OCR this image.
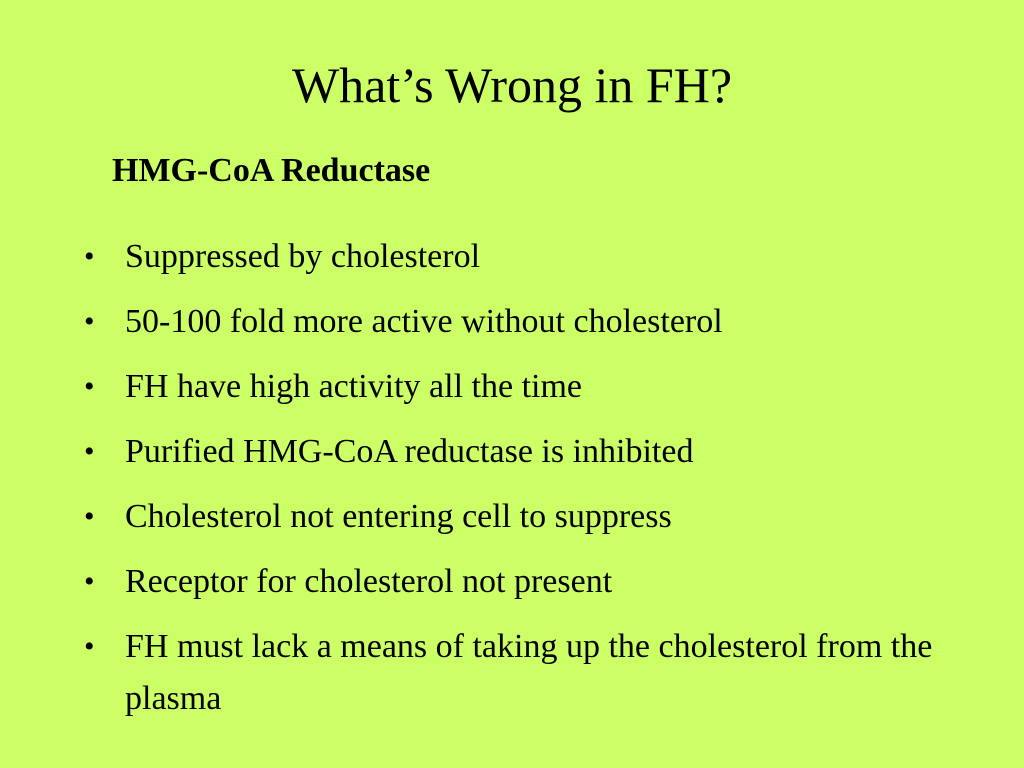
What’s Wrong in FH?
HMG-CoA Reductase
• Suppressed by cholesterol
• 50-100 fold more active without cholesterol
• FH have high activity all the time
• Purified HMG-CoA reductase is inhibited
• Cholesterol not entering cell to suppress
• Receptor for cholesterol not present
• FH must lack a means of taking up the cholesterol from the plasma
